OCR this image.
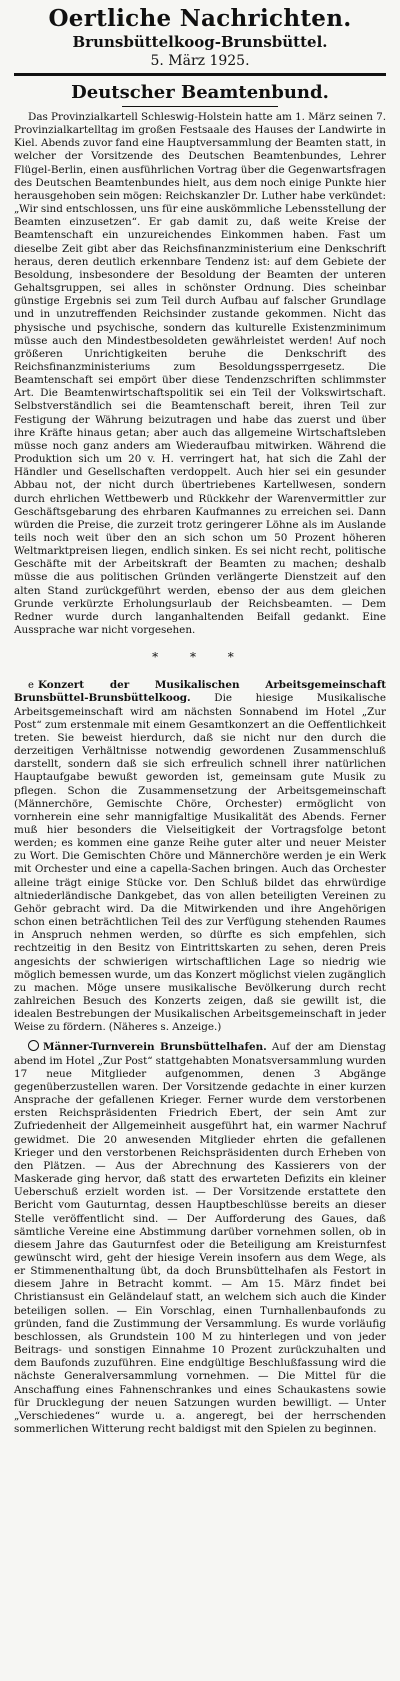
Oertliche Nachrichten.
Brunsbüttelkoog-Brunsbüttel.
5. März 1925.
Deutscher Beamtenbund.

Das Provinzialkartell Schleswig-Holstein hatte am 1. März seinen 7. Provinzialkartelltag im großen Festsaale des Hauses der Landwirte in Kiel. Abends zuvor fand eine Hauptversammlung der Beamten statt, in welcher der Vorsitzende des Deutschen Beamtenbundes, Lehrer Flügel-Berlin, einen ausführlichen Vortrag über die Gegenwartsfragen des Deutschen Beamtenbundes hielt, aus dem noch einige Punkte hier herausgehoben sein mögen: Reichskanzler Dr. Luther habe verkündet: „Wir sind entschlossen, uns für eine auskömmliche Lebensstellung der Beamten einzusetzen“. Er gab damit zu, daß weite Kreise der Beamtenschaft ein unzureichendes Einkommen haben. Fast um dieselbe Zeit gibt aber das Reichsfinanzministerium eine Denkschrift heraus, deren deutlich erkennbare Tendenz ist: auf dem Gebiete der Besoldung, insbesondere der Besoldung der Beamten der unteren Gehaltsgruppen, sei alles in schönster Ordnung. Dies scheinbar günstige Ergebnis sei zum Teil durch Aufbau auf falscher Grundlage und in unzutreffenden Reichsinder zustande gekommen. Nicht das physische und psychische, sondern das kulturelle Existenzminimum müsse auch den Mindestbesoldeten gewährleistet werden! Auf noch größeren Unrichtigkeiten beruhe die Denkschrift des Reichsfinanzministeriums zum Besoldungssperrgesetz. Die Beamtenschaft sei empört über diese Tendenzschriften schlimmster Art. Die Beamtenwirtschaftspolitik sei ein Teil der Volkswirtschaft. Selbstverständlich sei die Beamtenschaft bereit, ihren Teil zur Festigung der Währung beizutragen und habe das zuerst und über ihre Kräfte hinaus getan; aber auch das allgemeine Wirtschaftsleben müsse noch ganz anders am Wiederaufbau mitwirken. Während die Produktion sich um 20 v. H. verringert hat, hat sich die Zahl der Händler und Gesellschaften verdoppelt. Auch hier sei ein gesunder Abbau not, der nicht durch übertriebenes Kartellwesen, sondern durch ehrlichen Wettbewerb und Rückkehr der Warenvermittler zur Geschäftsgebarung des ehrbaren Kaufmannes zu erreichen sei. Dann würden die Preise, die zurzeit trotz geringerer Löhne als im Auslande teils noch weit über den an sich schon um 50 Prozent höheren Weltmarktpreisen liegen, endlich sinken. Es sei nicht recht, politische Geschäfte mit der Arbeitskraft der Beamten zu machen; deshalb müsse die aus politischen Gründen verlängerte Dienstzeit auf den alten Stand zurückgeführt werden, ebenso der aus dem gleichen Grunde verkürzte Erholungsurlaub der Reichsbeamten. — Dem Redner wurde durch langanhaltenden Beifall gedankt. Eine Aussprache war nicht vorgesehen.

* * *

e Konzert der Musikalischen Arbeitsgemeinschaft Brunsbüttel-Brunsbüttelkoog. Die hiesige Musikalische Arbeitsgemeinschaft wird am nächsten Sonnabend im Hotel „Zur Post“ zum erstenmale mit einem Gesamtkonzert an die Oeffentlichkeit treten. Sie beweist hierdurch, daß sie nicht nur den durch die derzeitigen Verhältnisse notwendig gewordenen Zusammenschluß darstellt, sondern daß sie sich erfreulich schnell ihrer natürlichen Hauptaufgabe bewußt geworden ist, gemeinsam gute Musik zu pflegen. Schon die Zusammensetzung der Arbeitsgemeinschaft (Männerchöre, Gemischte Chöre, Orchester) ermöglicht von vornherein eine sehr mannigfaltige Musikalität des Abends. Ferner muß hier besonders die Vielseitigkeit der Vortragsfolge betont werden; es kommen eine ganze Reihe guter alter und neuer Meister zu Wort. Die Gemischten Chöre und Männerchöre werden je ein Werk mit Orchester und eine a capella-Sachen bringen. Auch das Orchester alleine trägt einige Stücke vor. Den Schluß bildet das ehrwürdige altniederländische Dankgebet, das von allen beteiligten Vereinen zu Gehör gebracht wird. Da die Mitwirkenden und ihre Angehörigen schon einen beträchtlichen Teil des zur Verfügung stehenden Raumes in Anspruch nehmen werden, so dürfte es sich empfehlen, sich rechtzeitig in den Besitz von Eintrittskarten zu sehen, deren Preis angesichts der schwierigen wirtschaftlichen Lage so niedrig wie möglich bemessen wurde, um das Konzert möglichst vielen zugänglich zu machen. Möge unsere musikalische Bevölkerung durch recht zahlreichen Besuch des Konzerts zeigen, daß sie gewillt ist, die idealen Bestrebungen der Musikalischen Arbeitsgemeinschaft in jeder Weise zu fördern. (Näheres s. Anzeige.)

Männer-Turnverein Brunsbüttelhafen. Auf der am Dienstag abend im Hotel „Zur Post“ stattgehabten Monatsversammlung wurden 17 neue Mitglieder aufgenommen, denen 3 Abgänge gegenüberzustellen waren. Der Vorsitzende gedachte in einer kurzen Ansprache der gefallenen Krieger. Ferner wurde dem verstorbenen ersten Reichspräsidenten Friedrich Ebert, der sein Amt zur Zufriedenheit der Allgemeinheit ausgeführt hat, ein warmer Nachruf gewidmet. Die 20 anwesenden Mitglieder ehrten die gefallenen Krieger und den verstorbenen Reichspräsidenten durch Erheben von den Plätzen. — Aus der Abrechnung des Kassierers von der Maskerade ging hervor, daß statt des erwarteten Defizits ein kleiner Ueberschuß erzielt worden ist. — Der Vorsitzende erstattete den Bericht vom Gauturntag, dessen Hauptbeschlüsse bereits an dieser Stelle veröffentlicht sind. — Der Aufforderung des Gaues, daß sämtliche Vereine eine Abstimmung darüber vornehmen sollen, ob in diesem Jahre das Gauturnfest oder die Beteiligung am Kreisturnfest gewünscht wird, geht der hiesige Verein insofern aus dem Wege, als er Stimmenenthaltung übt, da doch Brunsbüttelhafen als Festort in diesem Jahre in Betracht kommt. — Am 15. März findet bei Christiansust ein Geländelauf statt, an welchem sich auch die Kinder beteiligen sollen. — Ein Vorschlag, einen Turnhallenbaufonds zu gründen, fand die Zustimmung der Versammlung. Es wurde vorläufig beschlossen, als Grundstein 100 M zu hinterlegen und von jeder Beitrags- und sonstigen Einnahme 10 Prozent zurückzuhalten und dem Baufonds zuzuführen. Eine endgültige Beschlußfassung wird die nächste Generalversammlung vornehmen. — Die Mittel für die Anschaffung eines Fahnenschrankes und eines Schaukastens sowie für Drucklegung der neuen Satzungen wurden bewilligt. — Unter „Verschiedenes“ wurde u. a. angeregt, bei der herrschenden sommerlichen Witterung recht baldigst mit den Spielen zu beginnen.
